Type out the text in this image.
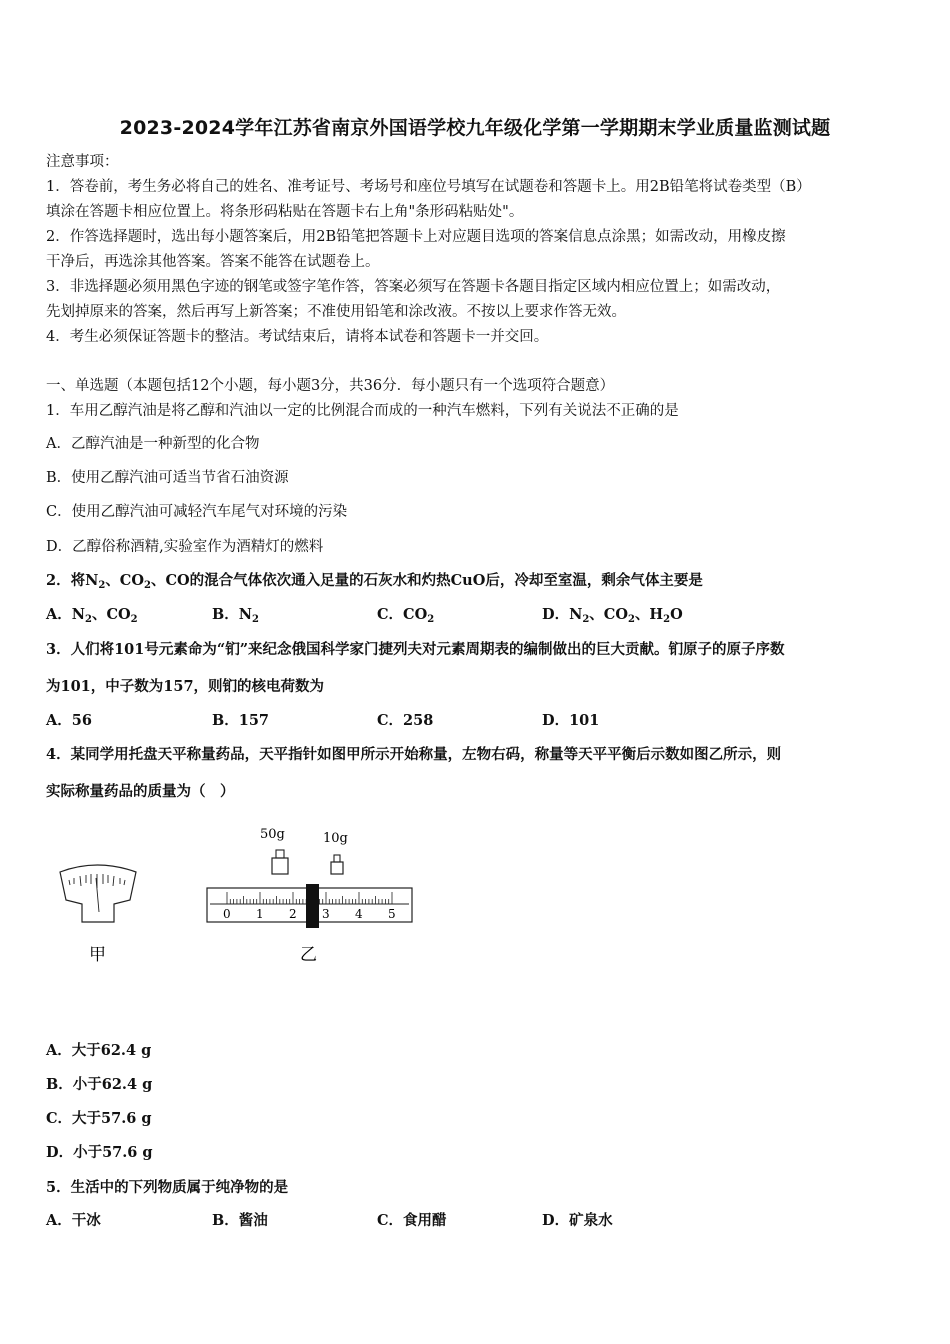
2023-2024学年江苏省南京外国语学校九年级化学第一学期期末学业质量监测试题
注意事项：
1．答卷前，考生务必将自己的姓名、准考证号、考场号和座位号填写在试题卷和答题卡上。用2B铅笔将试卷类型（B）
填涂在答题卡相应位置上。将条形码粘贴在答题卡右上角"条形码粘贴处"。
2．作答选择题时，选出每小题答案后，用2B铅笔把答题卡上对应题目选项的答案信息点涂黑；如需改动，用橡皮擦
干净后，再选涂其他答案。答案不能答在试题卷上。
3．非选择题必须用黑色字迹的钢笔或签字笔作答，答案必须写在答题卡各题目指定区域内相应位置上；如需改动，
先划掉原来的答案，然后再写上新答案；不准使用铅笔和涂改液。不按以上要求作答无效。
4．考生必须保证答题卡的整洁。考试结束后，请将本试卷和答题卡一并交回。
一、单选题（本题包括12个小题，每小题3分，共36分．每小题只有一个选项符合题意）
1．车用乙醇汽油是将乙醇和汽油以一定的比例混合而成的一种汽车燃料，下列有关说法不正确的是
A．乙醇汽油是一种新型的化合物
B．使用乙醇汽油可适当节省石油资源
C．使用乙醇汽油可减轻汽车尾气对环境的污染
D．乙醇俗称酒精,实验室作为酒精灯的燃料
2．将$N_2$、$CO_2$、CO的混合气体依次通入足量的石灰水和灼热CuO后，冷却至室温，剩余气体主要是
A．$N_2$、$CO_2$	B．$N_2$	C．$CO_2$	D．$N_2$、$CO_2$、$H_2O$
3．人们将101号元素命为“钔”来纪念俄国科学家门捷列夫对元素周期表的编制做出的巨大贡献。钔原子的原子序数
为101，中子数为157，则钔的核电荷数为
A．56	B．157	C．258	D．101
4．某同学用托盘天平称量药品，天平指针如图甲所示开始称量，左物右码，称量等天平平衡后示数如图乙所示，则
实际称量药品的质量为（　）
甲
50g	10g
0 1 2 3 4 5
乙
A．大于62.4 g
B．小于62.4 g
C．大于57.6 g
D．小于57.6 g
5．生活中的下列物质属于纯净物的是
A．干冰	B．酱油	C．食用醋	D．矿泉水
